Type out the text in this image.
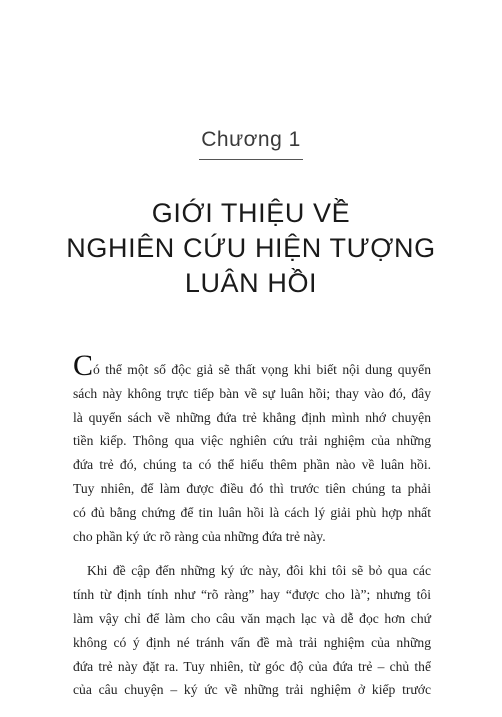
Chương 1
GIỚI THIỆU VỀ
NGHIÊN CỨU HIỆN TƯỢNG
LUÂN HỒI
Có thể một số độc giả sẽ thất vọng khi biết nội dung quyển
sách này không trực tiếp bàn về sự luân hồi; thay vào đó, đây
là quyển sách về những đứa trẻ khẳng định mình nhớ chuyện
tiền kiếp. Thông qua việc nghiên cứu trải nghiệm của những
đứa trẻ đó, chúng ta có thể hiểu thêm phần nào về luân hồi.
Tuy nhiên, để làm được điều đó thì trước tiên chúng ta phải
có đủ bằng chứng để tin luân hồi là cách lý giải phù hợp nhất
cho phần ký ức rõ ràng của những đứa trẻ này.
Khi đề cập đến những ký ức này, đôi khi tôi sẽ bỏ qua các
tính từ định tính như “rõ ràng” hay “được cho là”; nhưng tôi
làm vậy chỉ để làm cho câu văn mạch lạc và dễ đọc hơn chứ
không có ý định né tránh vấn đề mà trải nghiệm của những
đứa trẻ này đặt ra. Tuy nhiên, từ góc độ của đứa trẻ – chủ thể
của câu chuyện – ký ức về những trải nghiệm ở kiếp trước
